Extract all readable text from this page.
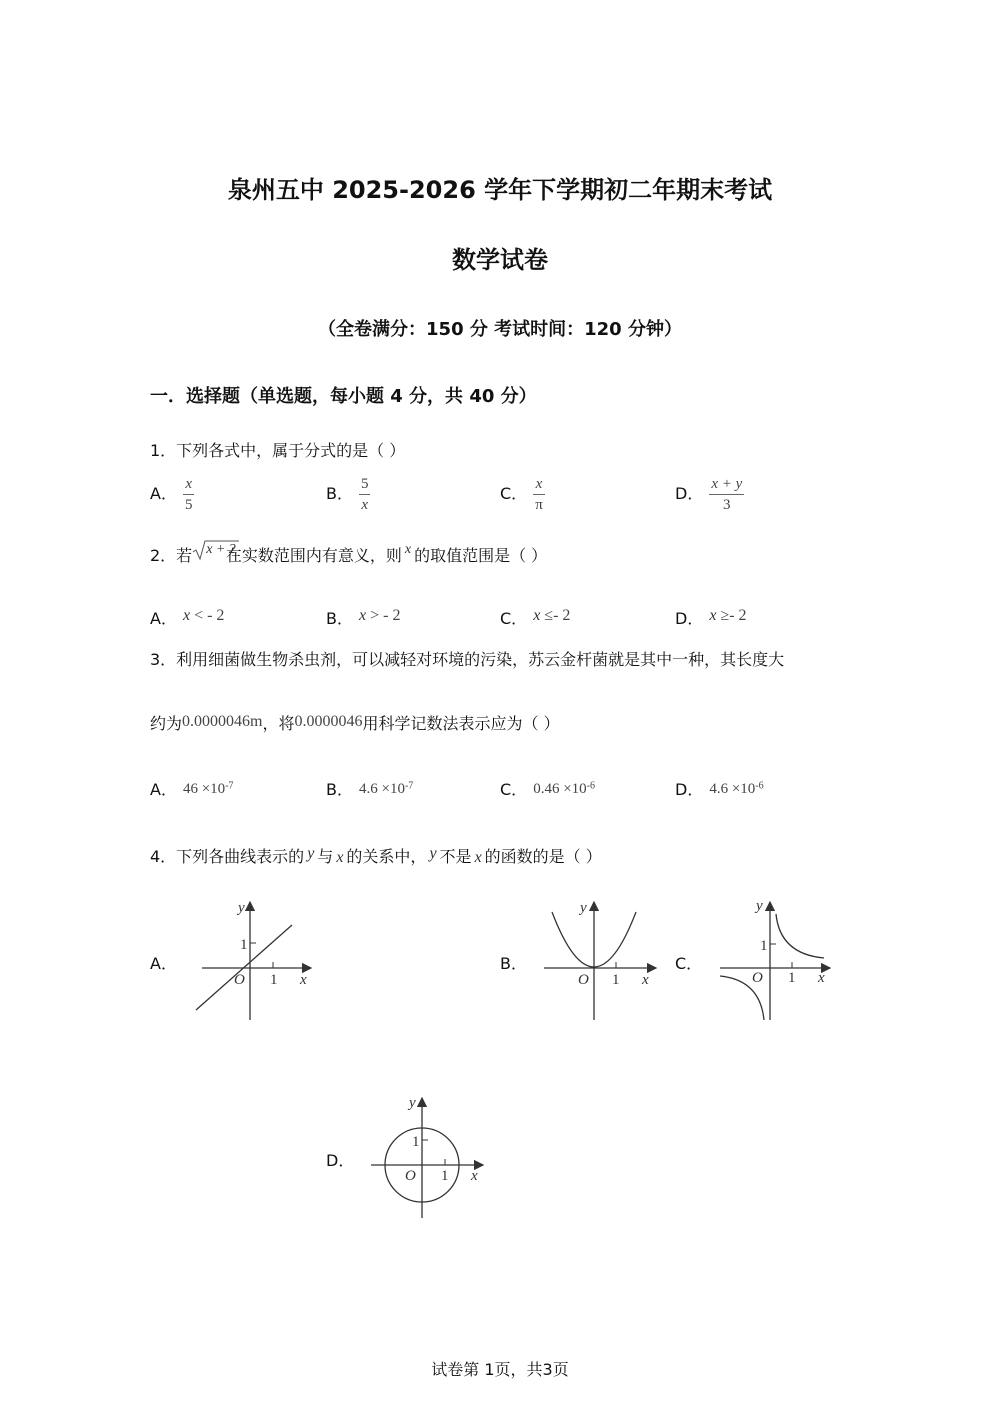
泉州五中 2025-2026 学年下学期初二年期末考试
数学试卷
（全卷满分：150 分 考试时间：120 分钟）
一．选择题（单选题，每小题 4 分，共 40 分）
1．下列各式中，属于分式的是（ ）
A． $\frac{x}{5}$	B． $\frac{5}{x}$	C． $\frac{x}{\pi}$	D． $\frac{x + y}{3}$
2．若 x + 2在实数范围内有意义，则 x 的取值范围是（ ）
A． x < - 2	B． x > - 2	C． x ≤- 2	D． x ≥- 2
3．利用细菌做生物杀虫剂，可以减轻对环境的污染，苏云金杆菌就是其中一种，其长度大
约为0.0000046m，将0.0000046用科学记数法表示应为（ ）
A． $46 \times 10^{-7}$	B． $4.6 \times 10^{-7}$	C． $0.46 \times 10^{-6}$	D． $4.6 \times 10^{-6}$
4．下列各曲线表示的 y 与 x 的关系中， y 不是 x 的函数的是（ ）
A．	B．	C．
D．
y
x
O
1
1
y
x
O 1
y
x
O
1
1
y
x
O
1
1
试卷第 1页，共3页
